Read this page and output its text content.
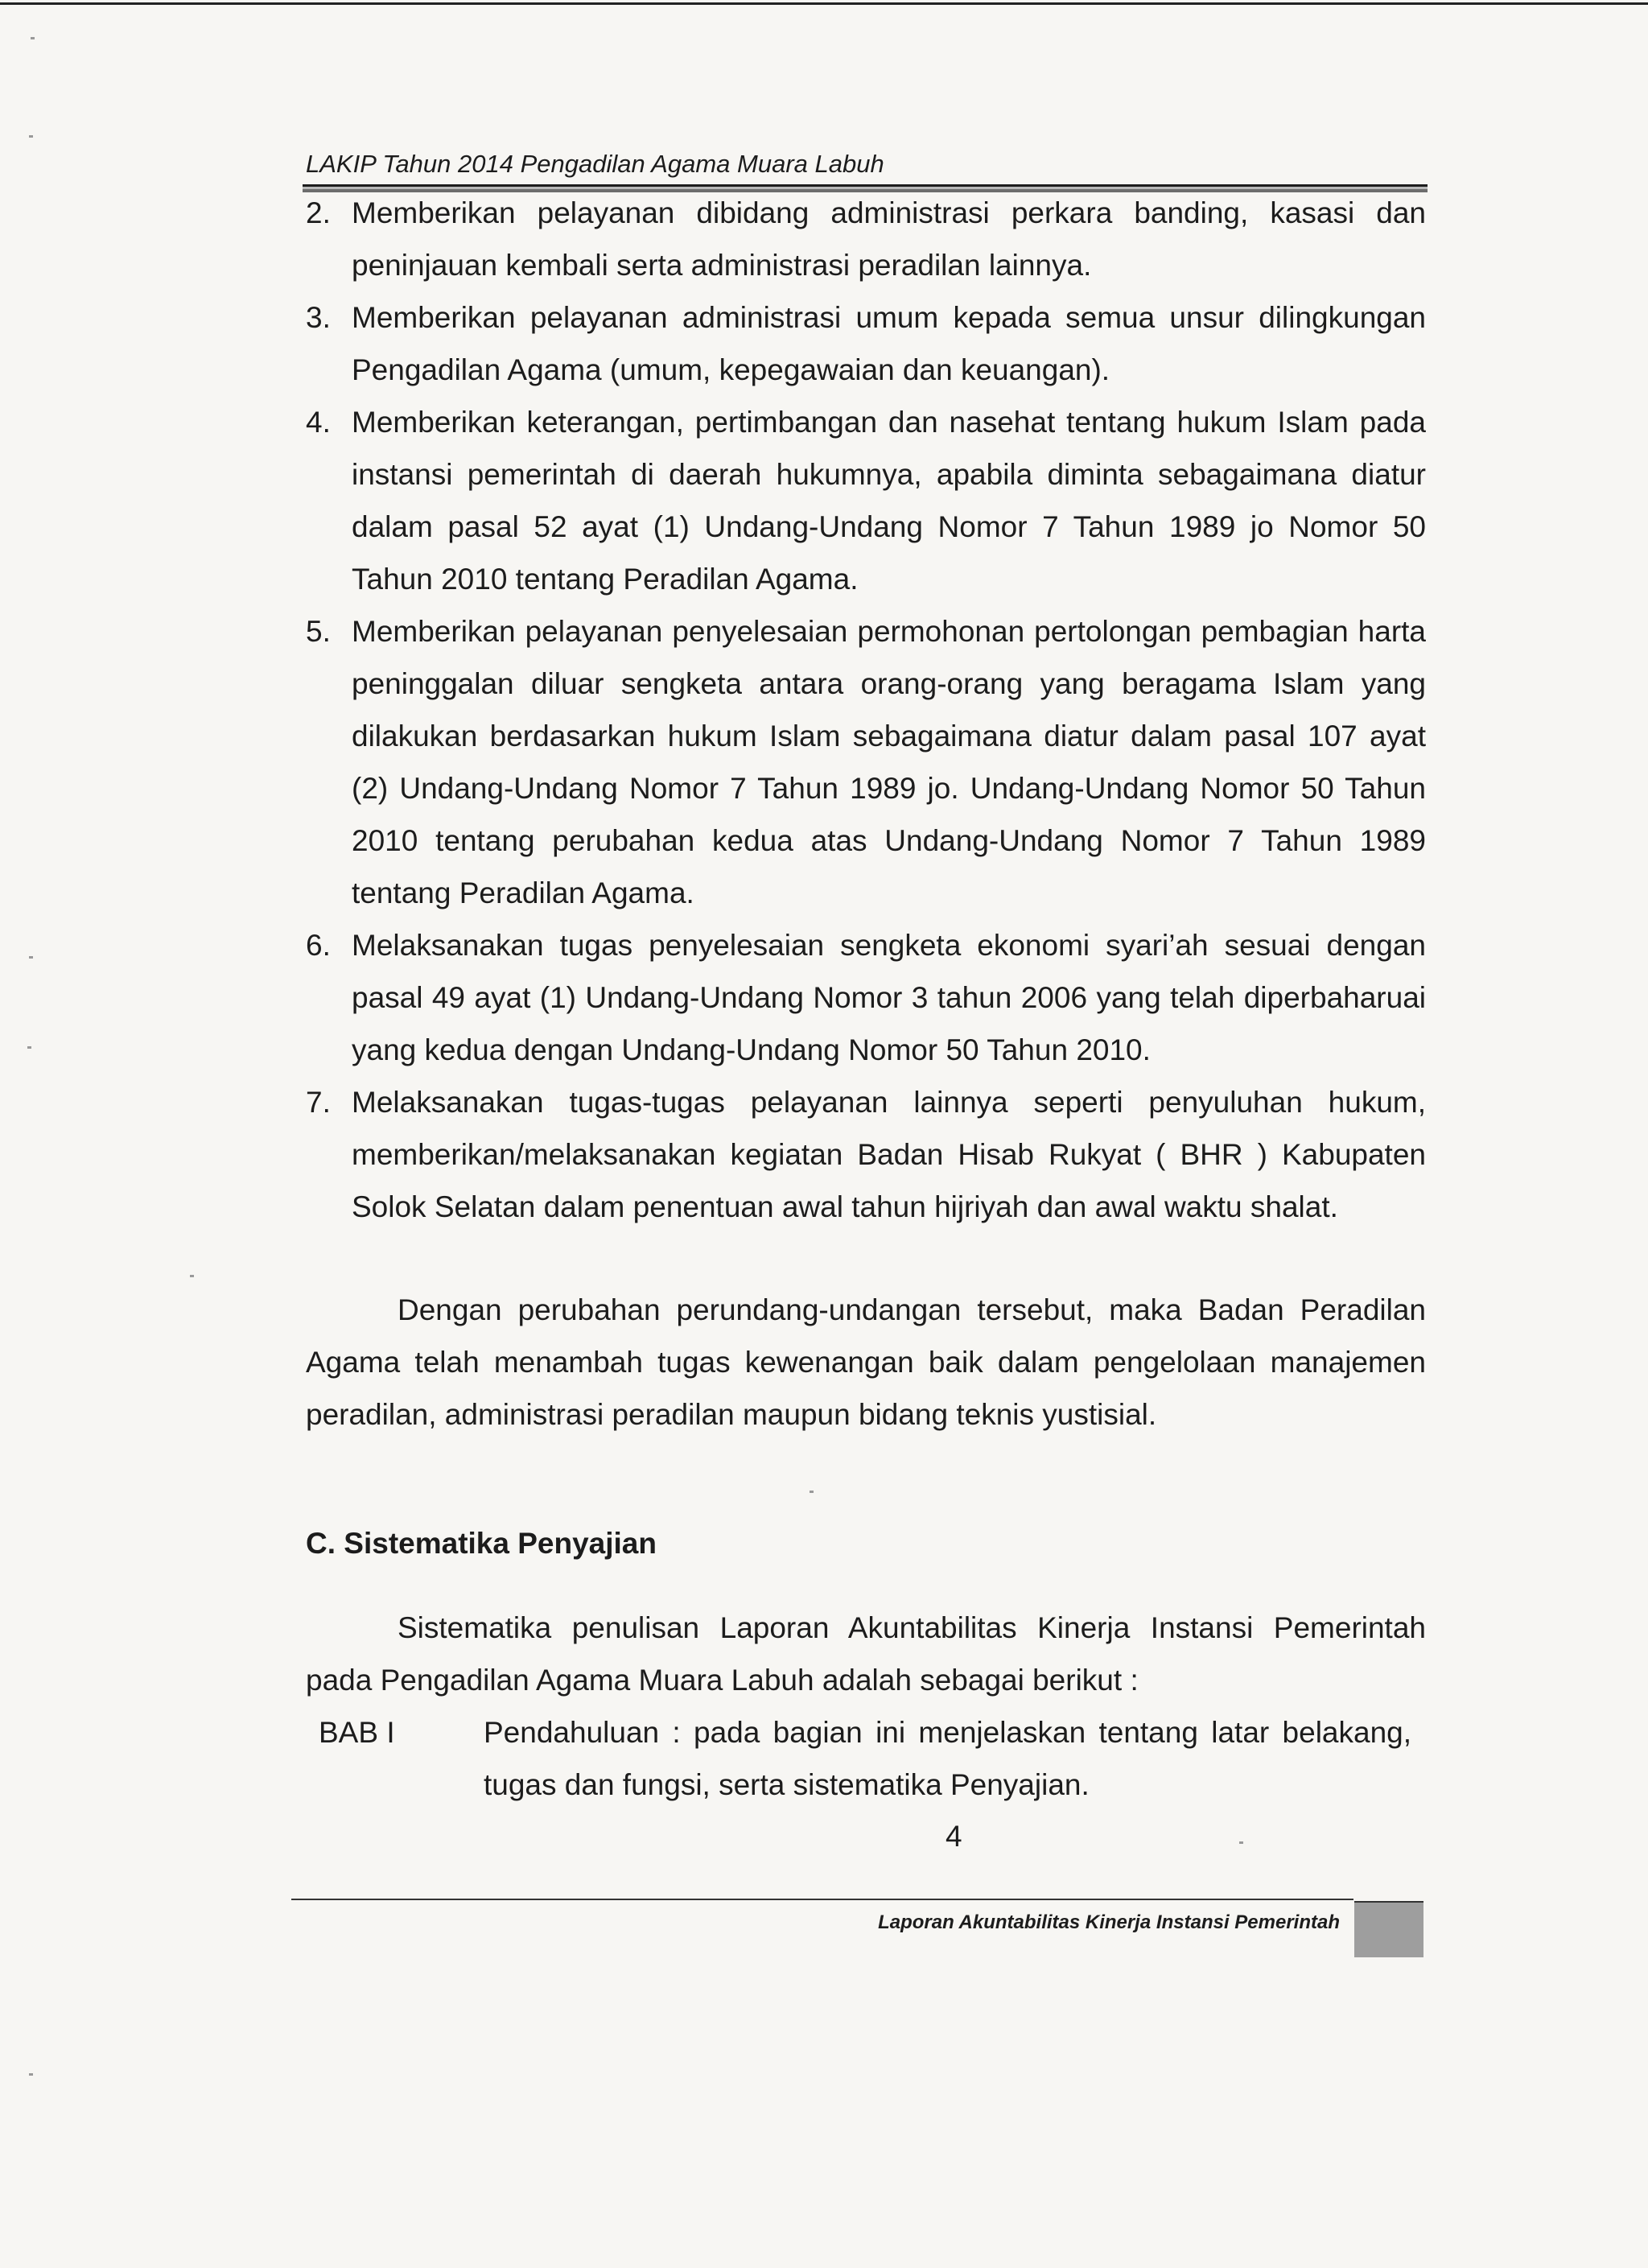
LAKIP Tahun 2014 Pengadilan Agama Muara Labuh
2. Memberikan pelayanan dibidang administrasi perkara banding, kasasi dan peninjauan kembali serta administrasi peradilan lainnya.
3. Memberikan pelayanan administrasi umum kepada semua unsur dilingkungan Pengadilan Agama (umum, kepegawaian dan keuangan).
4. Memberikan keterangan, pertimbangan dan nasehat tentang hukum Islam pada instansi pemerintah di daerah hukumnya, apabila diminta sebagaimana diatur dalam pasal 52 ayat (1) Undang-Undang Nomor 7 Tahun 1989 jo Nomor 50 Tahun 2010 tentang Peradilan Agama.
5. Memberikan pelayanan penyelesaian permohonan pertolongan pembagian harta peninggalan diluar sengketa antara orang-orang yang beragama Islam yang dilakukan berdasarkan hukum Islam sebagaimana diatur dalam pasal 107 ayat (2) Undang-Undang Nomor 7 Tahun 1989 jo. Undang-Undang Nomor 50 Tahun 2010 tentang perubahan kedua atas Undang-Undang Nomor 7 Tahun 1989 tentang Peradilan Agama.
6. Melaksanakan tugas penyelesaian sengketa ekonomi syari’ah sesuai dengan pasal 49 ayat (1) Undang-Undang Nomor 3 tahun 2006 yang telah diperbaharuai yang kedua dengan Undang-Undang Nomor 50 Tahun 2010.
7. Melaksanakan tugas-tugas pelayanan lainnya seperti penyuluhan hukum, memberikan/melaksanakan kegiatan Badan Hisab Rukyat ( BHR ) Kabupaten Solok Selatan dalam penentuan awal tahun hijriyah dan awal waktu shalat.

Dengan perubahan perundang-undangan tersebut, maka Badan Peradilan Agama telah menambah tugas kewenangan baik dalam pengelolaan manajemen peradilan, administrasi peradilan maupun bidang teknis yustisial.

C. Sistematika Penyajian

Sistematika penulisan Laporan Akuntabilitas Kinerja Instansi Pemerintah pada Pengadilan Agama Muara Labuh adalah sebagai berikut :

BAB I	Pendahuluan : pada bagian ini menjelaskan tentang latar belakang, tugas dan fungsi, serta sistematika Penyajian.
4
Laporan Akuntabilitas Kinerja Instansi Pemerintah
